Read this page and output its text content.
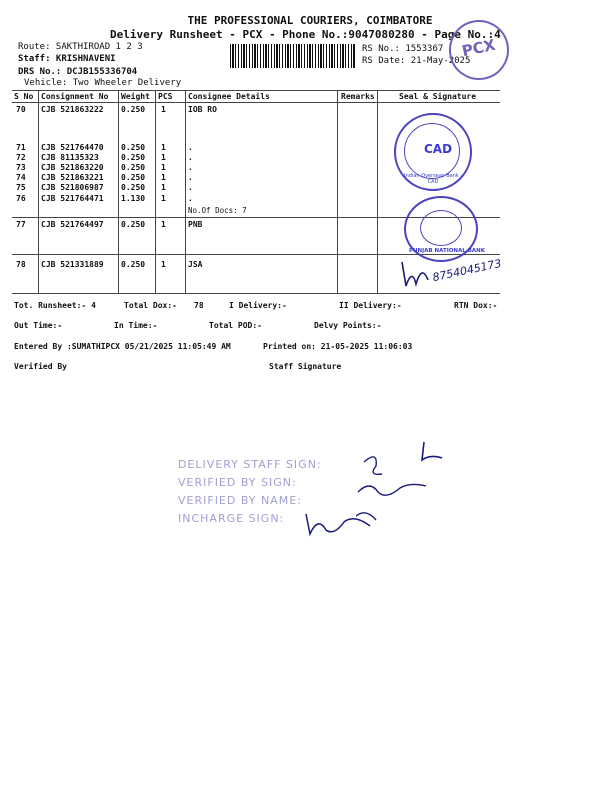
THE PROFESSIONAL COURIERS, COIMBATORE
Delivery Runsheet - PCX - Phone No.:9047080280 - Page No.:4
Route: SAKTHIROAD 1 2 3
Staff: KRISHNAVENI
DRS No.: DCJB155336704
Vehicle: Two Wheeler Delivery
RS No.: 1553367
RS Date: 21-May-2025
PCX
S No Consignment No Weight PCS Consignee Details	Remarks	Seal & Signature
70 CJB 521863222 0.250 1	IOB RO
71 CJB 521764470 0.250 1	.
72 CJB 81135323	0.250 1	.
73 CJB 521863220 0.250 1	.
74 CJB 521863221 0.250 1	.
75 CJB 521806987 0.250 1	.
76 CJB 521764471 1.130 1	.
No.Of Docs: 7
77 CJB 521764497 0.250 1	PNB
78 CJB 521331889 0.250 1	JSA
CAD
Indian Overseas Bank · CAD
PUNJAB NATIONAL BANK
8754045173
Tot. Runsheet:- 4	Total Dox:- 78	I Delivery:-	II Delivery:-	RTN Dox:-
Out Time:-	In Time:-	Total POD:-	Delvy Points:-
Entered By :SUMATHIPCX 05/21/2025 11:05:49 AM	Printed on: 21-05-2025 11:06:03
Verified By	Staff Signature
DELIVERY STAFF SIGN:
VERIFIED BY SIGN:
VERIFIED BY NAME:
INCHARGE SIGN:
